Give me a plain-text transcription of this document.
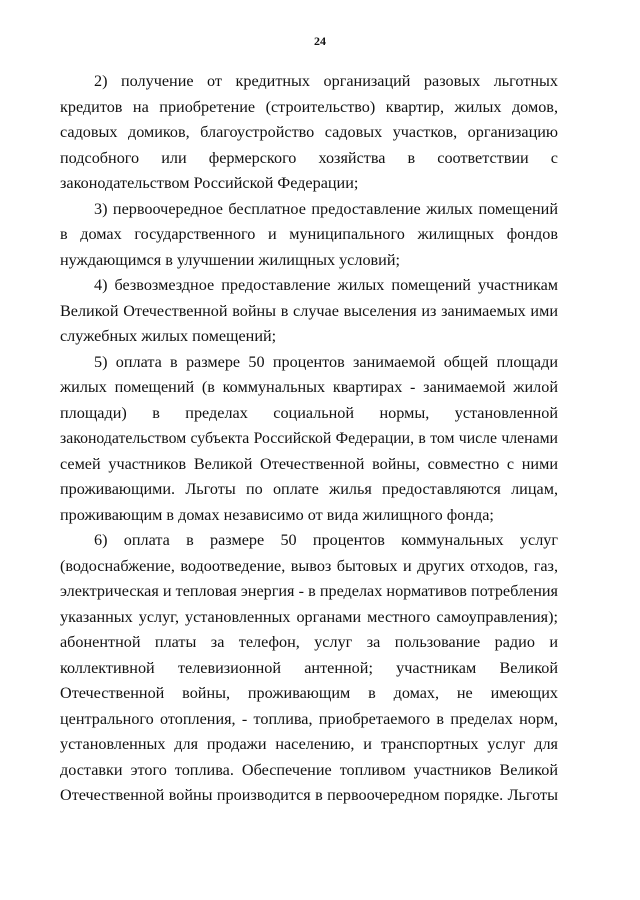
24
2) получение от кредитных организаций разовых льготных
кредитов на приобретение (строительство) квартир, жилых домов,
садовых домиков, благоустройство садовых участков, организацию
подсобного или фермерского хозяйства в соответствии с
законодательством Российской Федерации;
3) первоочередное бесплатное предоставление жилых помещений
в домах государственного и муниципального жилищных фондов
нуждающимся в улучшении жилищных условий;
4) безвозмездное предоставление жилых помещений участникам
Великой Отечественной войны в случае выселения из занимаемых ими
служебных жилых помещений;
5) оплата в размере 50 процентов занимаемой общей площади
жилых помещений (в коммунальных квартирах - занимаемой жилой
площади) в пределах социальной нормы, установленной
законодательством субъекта Российской Федерации, в том числе членами
семей участников Великой Отечественной войны, совместно с ними
проживающими. Льготы по оплате жилья предоставляются лицам,
проживающим в домах независимо от вида жилищного фонда;
6) оплата в размере 50 процентов коммунальных услуг
(водоснабжение, водоотведение, вывоз бытовых и других отходов, газ,
электрическая и тепловая энергия - в пределах нормативов потребления
указанных услуг, установленных органами местного самоуправления);
абонентной платы за телефон, услуг за пользование радио и
коллективной телевизионной антенной; участникам Великой
Отечественной войны, проживающим в домах, не имеющих
центрального отопления, - топлива, приобретаемого в пределах норм,
установленных для продажи населению, и транспортных услуг для
доставки этого топлива. Обеспечение топливом участников Великой
Отечественной войны производится в первоочередном порядке. Льготы
